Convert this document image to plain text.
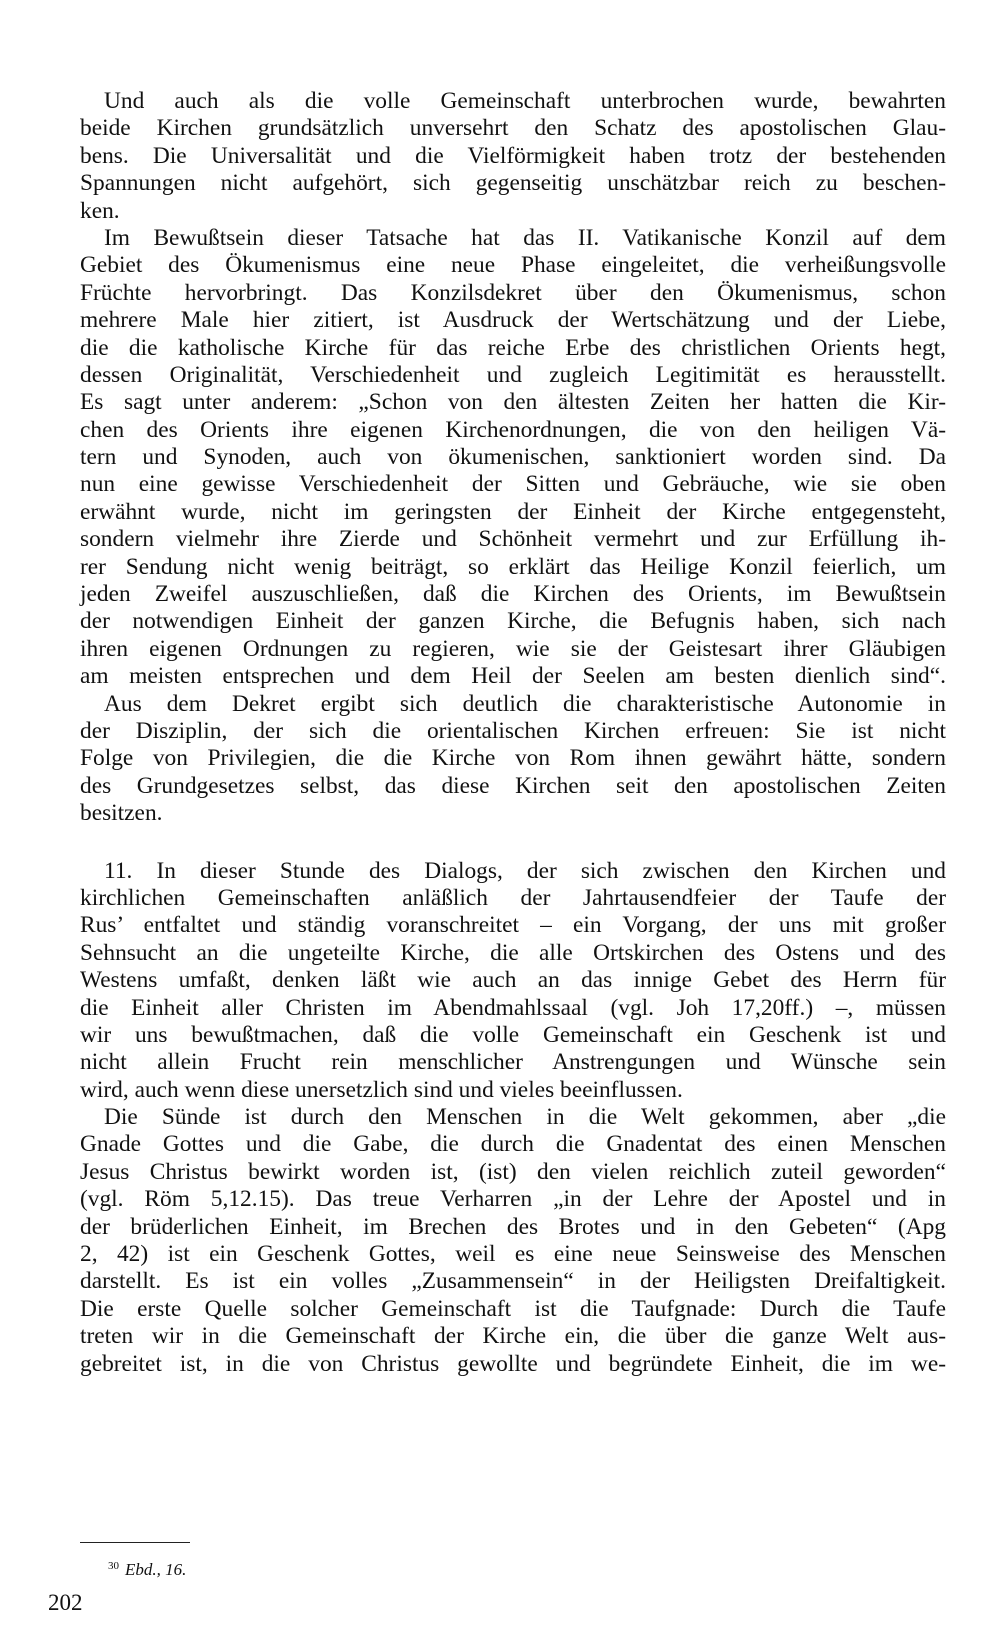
Und auch als die volle Gemeinschaft unterbrochen wurde, bewahrten
beide Kirchen grundsätzlich unversehrt den Schatz des apostolischen Glau-
bens. Die Universalität und die Vielförmigkeit haben trotz der bestehenden
Spannungen nicht aufgehört, sich gegenseitig unschätzbar reich zu beschen-
ken.
Im Bewußtsein dieser Tatsache hat das II. Vatikanische Konzil auf dem
Gebiet des Ökumenismus eine neue Phase eingeleitet, die verheißungsvolle
Früchte hervorbringt. Das Konzilsdekret über den Ökumenismus, schon
mehrere Male hier zitiert, ist Ausdruck der Wertschätzung und der Liebe,
die die katholische Kirche für das reiche Erbe des christlichen Orients hegt,
dessen Originalität, Verschiedenheit und zugleich Legitimität es herausstellt.
Es sagt unter anderem: „Schon von den ältesten Zeiten her hatten die Kir-
chen des Orients ihre eigenen Kirchenordnungen, die von den heiligen Vä-
tern und Synoden, auch von ökumenischen, sanktioniert worden sind. Da
nun eine gewisse Verschiedenheit der Sitten und Gebräuche, wie sie oben
erwähnt wurde, nicht im geringsten der Einheit der Kirche entgegensteht,
sondern vielmehr ihre Zierde und Schönheit vermehrt und zur Erfüllung ih-
rer Sendung nicht wenig beiträgt, so erklärt das Heilige Konzil feierlich, um
jeden Zweifel auszuschließen, daß die Kirchen des Orients, im Bewußtsein
der notwendigen Einheit der ganzen Kirche, die Befugnis haben, sich nach
ihren eigenen Ordnungen zu regieren, wie sie der Geistesart ihrer Gläubigen
am meisten entsprechen und dem Heil der Seelen am besten dienlich sind“.
Aus dem Dekret ergibt sich deutlich die charakteristische Autonomie in
der Disziplin, der sich die orientalischen Kirchen erfreuen: Sie ist nicht
Folge von Privilegien, die die Kirche von Rom ihnen gewährt hätte, sondern
des Grundgesetzes selbst, das diese Kirchen seit den apostolischen Zeiten
besitzen.
11. In dieser Stunde des Dialogs, der sich zwischen den Kirchen und
kirchlichen Gemeinschaften anläßlich der Jahrtausendfeier der Taufe der
Rus’ entfaltet und ständig voranschreitet – ein Vorgang, der uns mit großer
Sehnsucht an die ungeteilte Kirche, die alle Ortskirchen des Ostens und des
Westens umfaßt, denken läßt wie auch an das innige Gebet des Herrn für
die Einheit aller Christen im Abendmahlssaal (vgl. Joh 17,20ff.) –, müssen
wir uns bewußtmachen, daß die volle Gemeinschaft ein Geschenk ist und
nicht allein Frucht rein menschlicher Anstrengungen und Wünsche sein
wird, auch wenn diese unersetzlich sind und vieles beeinflussen.
Die Sünde ist durch den Menschen in die Welt gekommen, aber „die
Gnade Gottes und die Gabe, die durch die Gnadentat des einen Menschen
Jesus Christus bewirkt worden ist, (ist) den vielen reichlich zuteil geworden“
(vgl. Röm 5,12.15). Das treue Verharren „in der Lehre der Apostel und in
der brüderlichen Einheit, im Brechen des Brotes und in den Gebeten“ (Apg
2, 42) ist ein Geschenk Gottes, weil es eine neue Seinsweise des Menschen
darstellt. Es ist ein volles „Zusammensein“ in der Heiligsten Dreifaltigkeit.
Die erste Quelle solcher Gemeinschaft ist die Taufgnade: Durch die Taufe
treten wir in die Gemeinschaft der Kirche ein, die über die ganze Welt aus-
gebreitet ist, in die von Christus gewollte und begründete Einheit, die im we-
$^{30}$ Ebd., 16.
202
